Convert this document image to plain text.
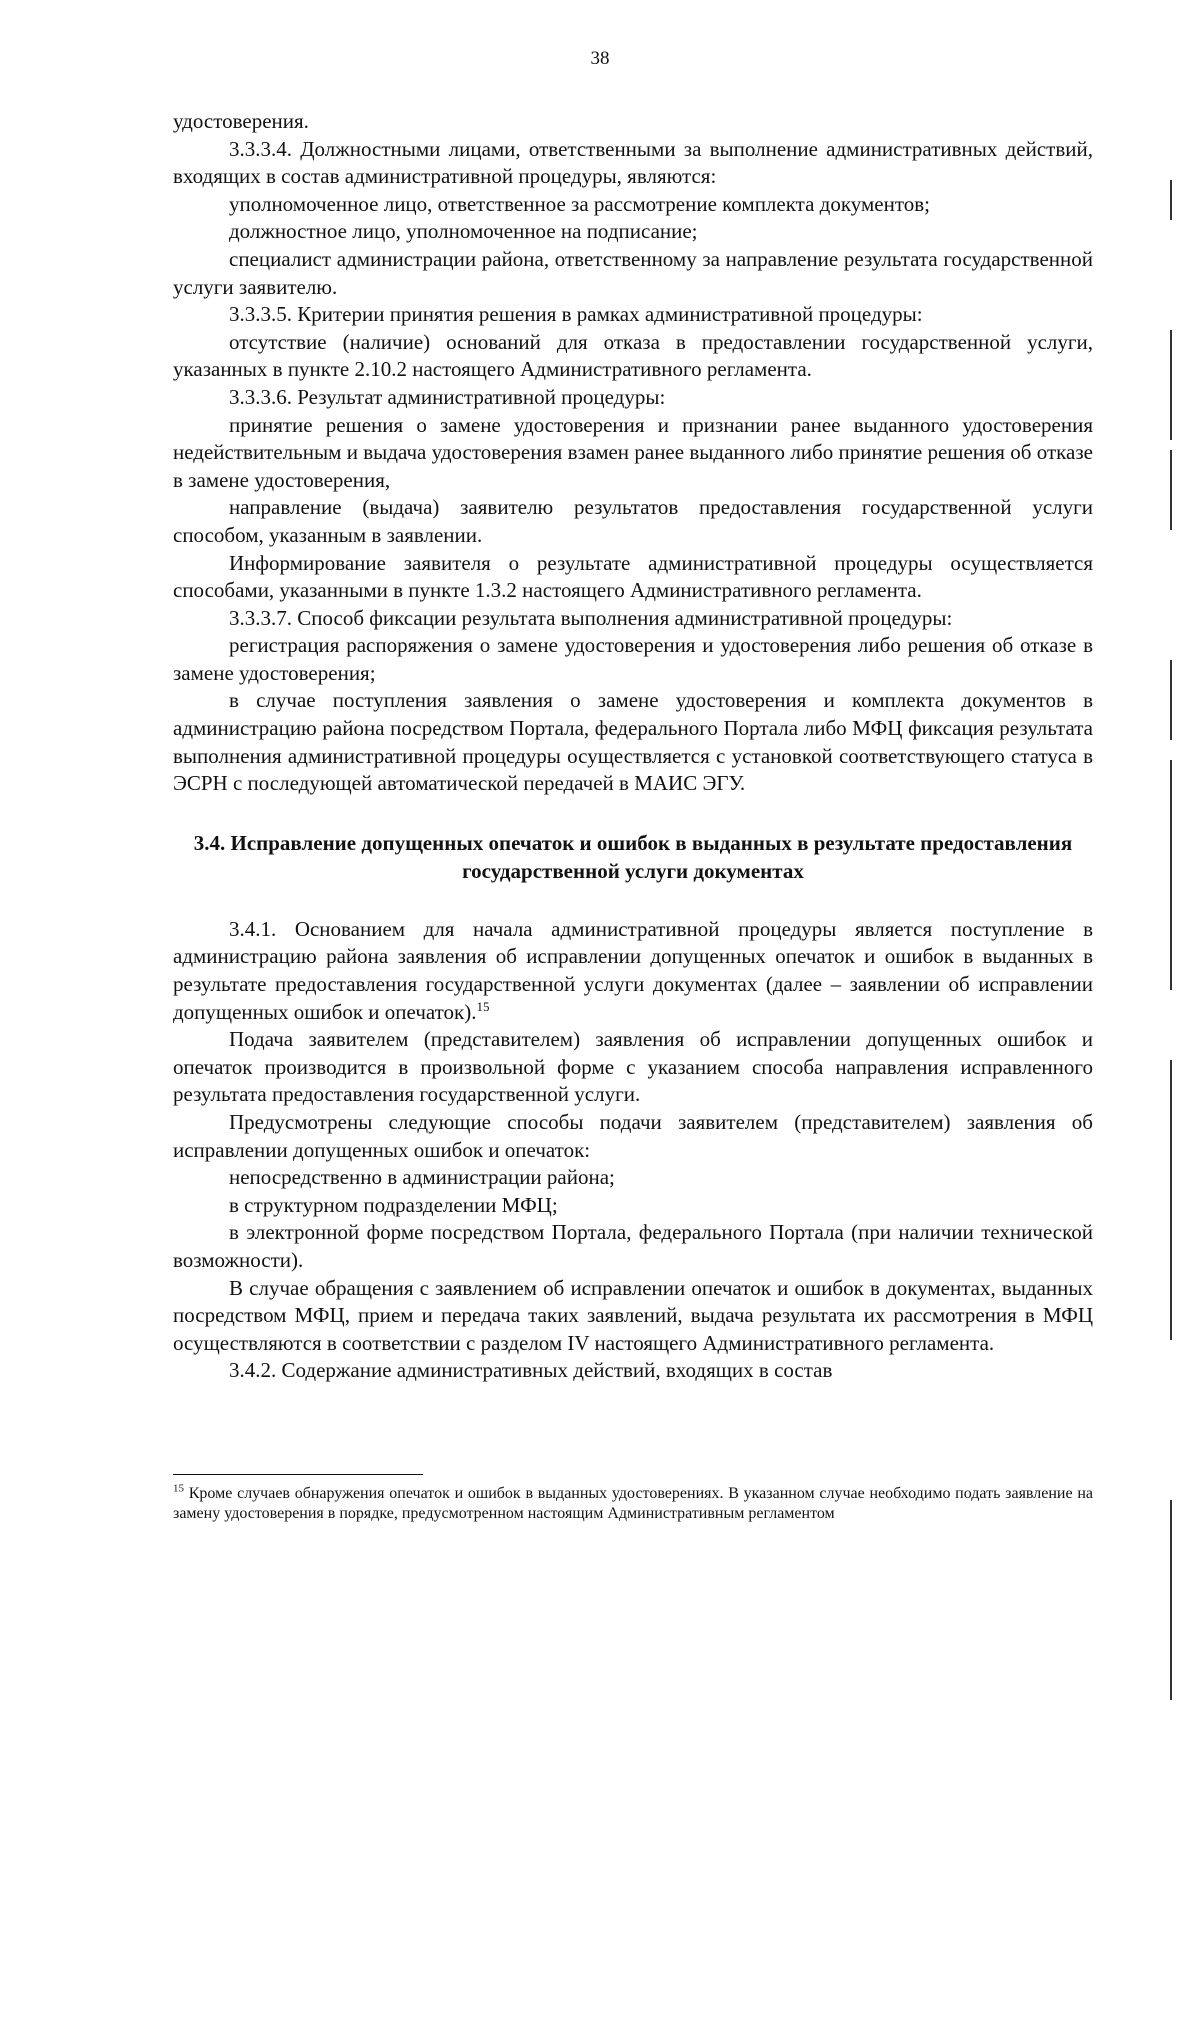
38

удостоверения.

3.3.3.4. Должностными лицами, ответственными за выполнение административных действий, входящих в состав административной процедуры, являются:

уполномоченное лицо, ответственное за рассмотрение комплекта документов;

должностное лицо, уполномоченное на подписание;

специалист администрации района, ответственному за направление результата государственной услуги заявителю.

3.3.3.5. Критерии принятия решения в рамках административной процедуры:

отсутствие (наличие) оснований для отказа в предоставлении государственной услуги, указанных в пункте 2.10.2 настоящего Административного регламента.

3.3.3.6. Результат административной процедуры:

принятие решения о замене удостоверения и признании ранее выданного удостоверения недействительным и выдача удостоверения взамен ранее выданного либо принятие решения об отказе в замене удостоверения,

направление (выдача) заявителю результатов предоставления государственной услуги способом, указанным в заявлении.

Информирование заявителя о результате административной процедуры осуществляется способами, указанными в пункте 1.3.2 настоящего Административного регламента.

3.3.3.7. Способ фиксации результата выполнения административной процедуры:

регистрация распоряжения о замене удостоверения и удостоверения либо решения об отказе в замене удостоверения;

в случае поступления заявления о замене удостоверения и комплекта документов в администрацию района посредством Портала, федерального Портала либо МФЦ фиксация результата выполнения административной процедуры осуществляется с установкой соответствующего статуса в ЭСРН с последующей автоматической передачей в МАИС ЭГУ.

3.4. Исправление допущенных опечаток и ошибок в выданных в результате предоставления государственной услуги документах

3.4.1. Основанием для начала административной процедуры является поступление в администрацию района заявления об исправлении допущенных опечаток и ошибок в выданных в результате предоставления государственной услуги документах (далее – заявлении об исправлении допущенных ошибок и опечаток).$^{15}$

Подача заявителем (представителем) заявления об исправлении допущенных ошибок и опечаток производится в произвольной форме с указанием способа направления исправленного результата предоставления государственной услуги.

Предусмотрены следующие способы подачи заявителем (представителем) заявления об исправлении допущенных ошибок и опечаток:

непосредственно в администрации района;

в структурном подразделении МФЦ;

в электронной форме посредством Портала, федерального Портала (при наличии технической возможности).

В случае обращения с заявлением об исправлении опечаток и ошибок в документах, выданных посредством МФЦ, прием и передача таких заявлений, выдача результата их рассмотрения в МФЦ осуществляются в соответствии с разделом IV настоящего Административного регламента.

3.4.2. Содержание административных действий, входящих в состав

$^{15}$ Кроме случаев обнаружения опечаток и ошибок в выданных удостоверениях. В указанном случае необходимо подать заявление на замену удостоверения в порядке, предусмотренном настоящим Административным регламентом
